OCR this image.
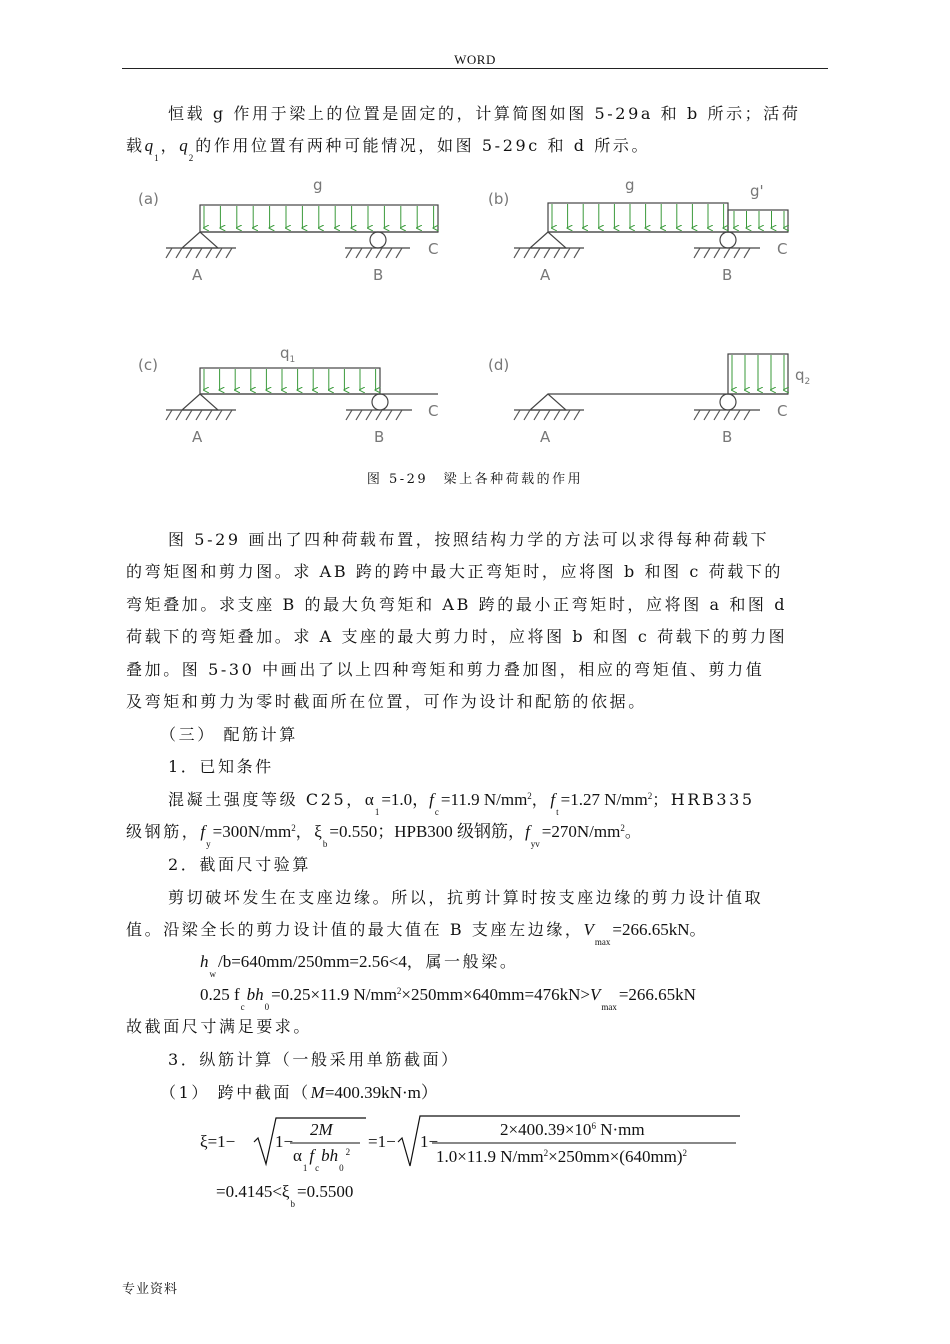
WORD
恒载 g 作用于梁上的位置是固定的，计算简图如图 5-29a 和 b 所示；活荷
载$q_1$，$q_2$的作用位置有两种可能情况，如图 5-29c 和 d 所示。
(a)
g
A	B
C
(b)
g	g'
A	B
C
(c)
$q_1$
A	B
C
(d)
$q_2$
A	B
C
图 5-29　梁上各种荷载的作用
图 5-29 画出了四种荷载布置，按照结构力学的方法可以求得每种荷载下
的弯矩图和剪力图。求 AB 跨的跨中最大正弯矩时，应将图 b 和图 c 荷载下的
弯矩叠加。求支座 B 的最大负弯矩和 AB 跨的最小正弯矩时，应将图 a 和图 d
荷载下的弯矩叠加。求 A 支座的最大剪力时，应将图 b 和图 c 荷载下的剪力图
叠加。图 5-30 中画出了以上四种弯矩和剪力叠加图，相应的弯矩值、剪力值
及弯矩和剪力为零时截面所在位置，可作为设计和配筋的依据。
（三） 配筋计算
1．已知条件
混凝土强度等级 C25，$\alpha_1=1.0$，$f_c=11.9$ $N/mm^2$，$f_t=1.27$ $N/mm^2$；HRB335
级钢筋，$f_y=300N/mm^2$，$\xi_b=0.550$；HPB300 级钢筋，$f_{yv}=270N/mm^2$。
2．截面尺寸验算
剪切破坏发生在支座边缘。所以，抗剪计算时按支座边缘的剪力设计值取
值。沿梁全长的剪力设计值的最大值在 B 支座左边缘，$V_{max}=266.65kN$。
$h_w/b=640mm/250mm=2.56<4$，属一般梁。
0.25 $f_cbh_0=0.25\times 11.9$ $N/mm^2\times 250mm\times 640mm=476kN>V_{max}=266.65kN$
故截面尺寸满足要求。
3．纵筋计算（一般采用单筋截面）
（1） 跨中截面（M=400.39kN·m）
ξ=1− 1−
2M
$\alpha_1f_cbh_0^2$
=1− 1−
$2\times 400.39\times 10^6$ N·mm
1.0×11.9 $N/mm^2\times 250mm\times(640mm)^2$
$=0.4145<\xi_b=0.5500$
专业资料
